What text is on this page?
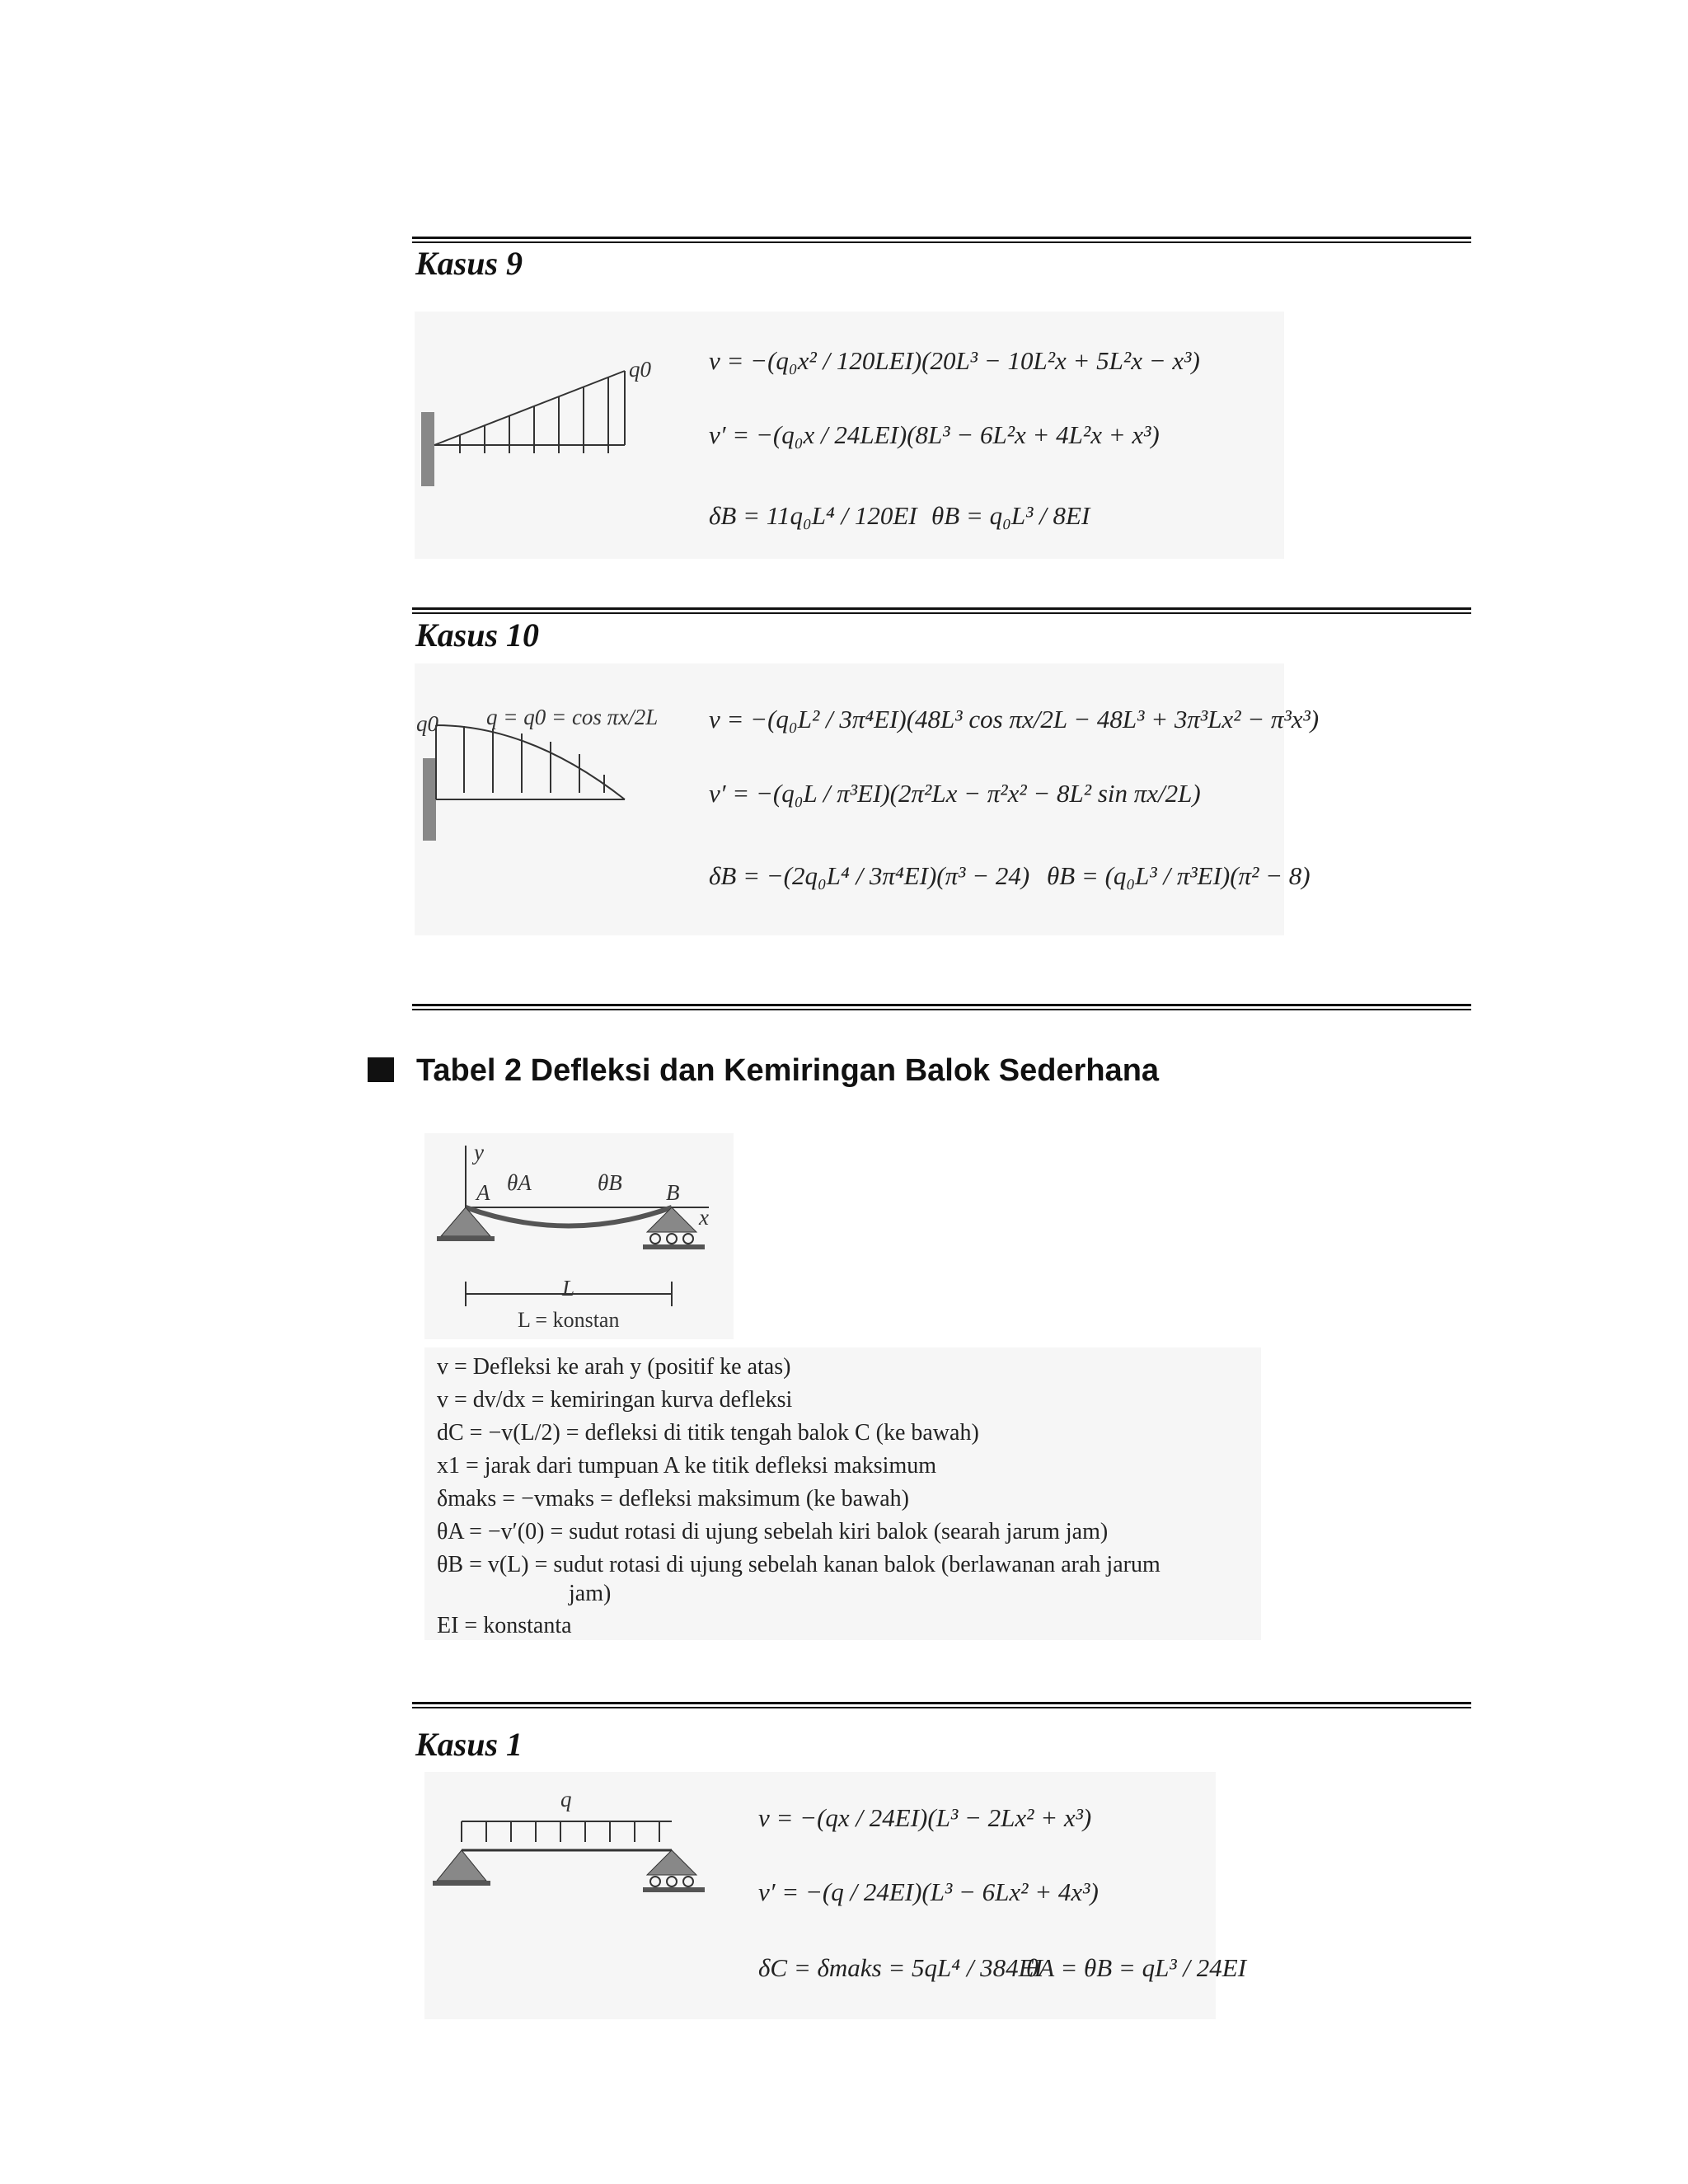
Kasus 9
q0 v = −(q₀x² / 120LEI)(20L³ − 10L²x + 5L²x − x³)
v′ = −(q₀x / 24LEI)(8L³ − 6L²x + 4L²x + x³)
δB = 11q₀L⁴ / 120EI θB = q₀L³ / 8EI
Kasus 10
q0 q = q0 = cos πx/2L v = −(q₀L² / 3π⁴EI)(48L³ cos πx/2L − 48L³ + 3π³Lx² − π³x³)
v′ = −(q₀L / π³EI)(2π²Lx − π²x² − 8L² sin πx/2L)
δB = −(2q₀L⁴ / 3π⁴EI)(π³ − 24) θB = (q₀L³ / π³EI)(π² − 8)
Tabel 2 Defleksi dan Kemiringan Balok Sederhana
y
θA	θB
A	B
x
L
L = konstan
v = Defleksi ke arah y (positif ke atas)
v = dv/dx = kemiringan kurva defleksi
dC = −v(L/2) = defleksi di titik tengah balok C (ke bawah)
x1 = jarak dari tumpuan A ke titik defleksi maksimum
δmaks = −vmaks = defleksi maksimum (ke bawah)
θA = −v′(0) = sudut rotasi di ujung sebelah kiri balok (searah jarum jam)
θB = v(L) = sudut rotasi di ujung sebelah kanan balok (berlawanan arah jarum
jam)
EI = konstanta
Kasus 1
q
v = −(qx / 24EI)(L³ − 2Lx² + x³)
v′ = −(q / 24EI)(L³ − 6Lx² + 4x³)
δC = δmaks = 5qL⁴ / 384EI
θA = θB = qL³ / 24EI
